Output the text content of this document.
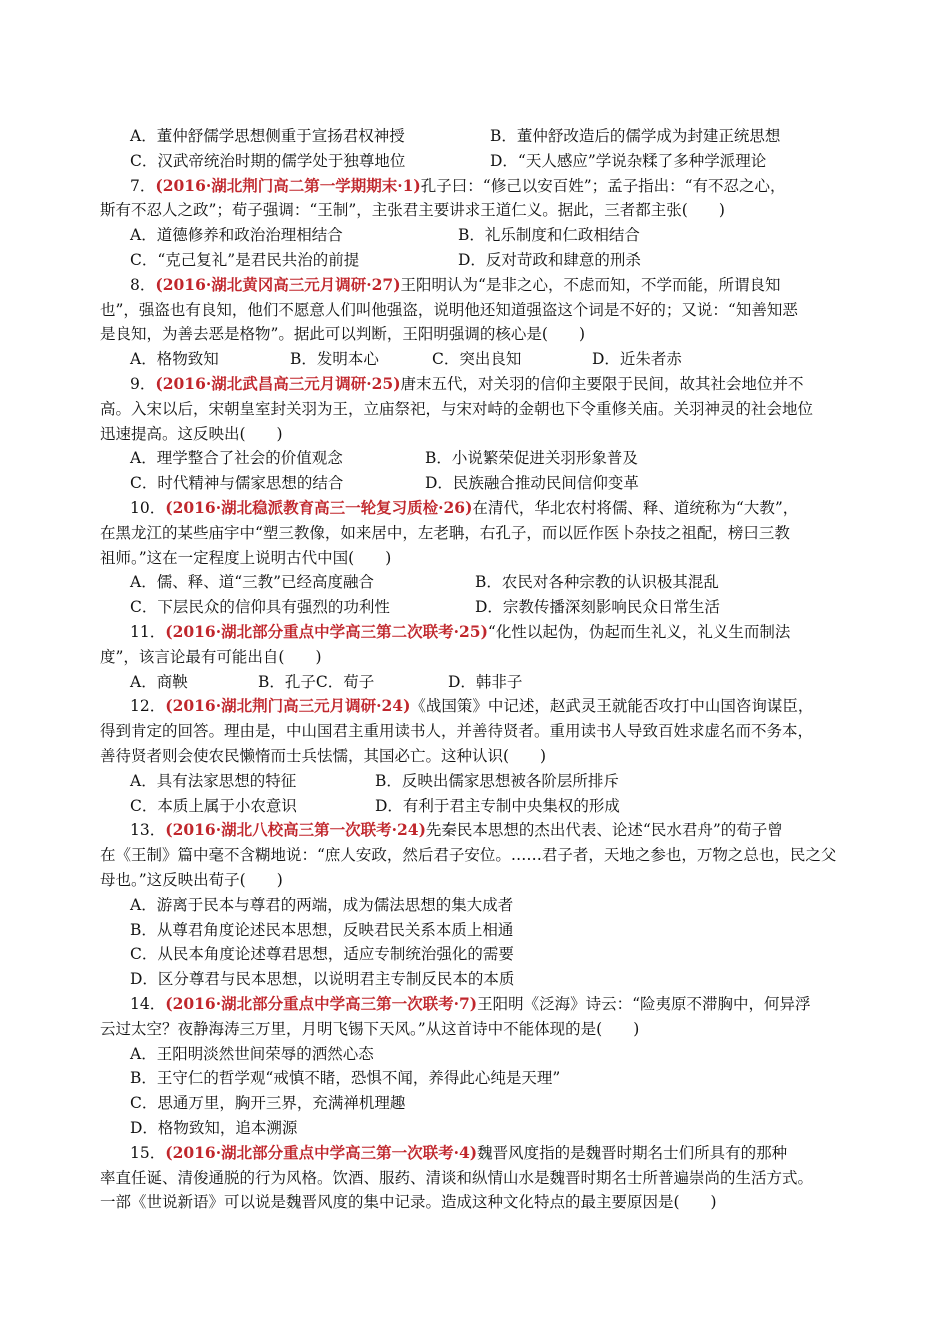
A．董仲舒儒学思想侧重于宣扬君权神授	B．董仲舒改造后的儒学成为封建正统思想
C．汉武帝统治时期的儒学处于独尊地位	D．“天人感应”学说杂糅了多种学派理论
7．(2016·湖北荆门高二第一学期期末·1)孔子曰：“修己以安百姓”；孟子指出：“有不忍之心，
斯有不忍人之政”；荀子强调：“王制”，主张君主要讲求王道仁义。据此，三者都主张(　　)
A．道德修养和政治治理相结合	B．礼乐制度和仁政相结合
C．“克己复礼”是君民共治的前提	D．反对苛政和肆意的刑杀
8．(2016·湖北黄冈高三元月调研·27)王阳明认为“是非之心，不虑而知，不学而能，所谓良知
也”，强盗也有良知，他们不愿意人们叫他强盗，说明他还知道强盗这个词是不好的；又说：“知善知恶
是良知，为善去恶是格物”。据此可以判断，王阳明强调的核心是(　　)
A．格物致知	B．发明本心	C．突出良知	D．近朱者赤
9．(2016·湖北武昌高三元月调研·25)唐末五代，对关羽的信仰主要限于民间，故其社会地位并不
高。入宋以后，宋朝皇室封关羽为王，立庙祭祀，与宋对峙的金朝也下令重修关庙。关羽神灵的社会地位
迅速提高。这反映出(　　)
A．理学整合了社会的价值观念	B．小说繁荣促进关羽形象普及
C．时代精神与儒家思想的结合	D．民族融合推动民间信仰变革
10．(2016·湖北稳派教育高三一轮复习质检·26)在清代，华北农村将儒、释、道统称为“大教”，
在黑龙江的某些庙宇中“塑三教像，如来居中，左老聃，右孔子，而以匠作医卜杂技之祖配，榜曰三教
祖师。”这在一定程度上说明古代中国(　　)
A．儒、释、道“三教”已经高度融合	B．农民对各种宗教的认识极其混乱
C．下层民众的信仰具有强烈的功利性	D．宗教传播深刻影响民众日常生活
11．(2016·湖北部分重点中学高三第二次联考·25)“化性以起伪，伪起而生礼义，礼义生而制法
度”，该言论最有可能出自(　　)
A．商鞅	B．孔子C．荀子	D．韩非子
12．(2016·湖北荆门高三元月调研·24)《战国策》中记述，赵武灵王就能否攻打中山国咨询谋臣，
得到肯定的回答。理由是，中山国君主重用读书人，并善待贤者。重用读书人导致百姓求虚名而不务本，
善待贤者则会使农民懒惰而士兵怯懦，其国必亡。这种认识(　　)
A．具有法家思想的特征	B．反映出儒家思想被各阶层所排斥
C．本质上属于小农意识	D．有利于君主专制中央集权的形成
13．(2016·湖北八校高三第一次联考·24)先秦民本思想的杰出代表、论述“民水君舟”的荀子曾
在《王制》篇中毫不含糊地说：“庶人安政，然后君子安位。……君子者，天地之参也，万物之总也，民之父
母也。”这反映出荀子(　　)
A．游离于民本与尊君的两端，成为儒法思想的集大成者
B．从尊君角度论述民本思想，反映君民关系本质上相通
C．从民本角度论述尊君思想，适应专制统治强化的需要
D．区分尊君与民本思想，以说明君主专制反民本的本质
14．(2016·湖北部分重点中学高三第一次联考·7)王阳明《泛海》诗云：“险夷原不滞胸中，何异浮
云过太空？夜静海涛三万里，月明飞锡下天风。”从这首诗中不能体现的是(　　)
A．王阳明淡然世间荣辱的洒然心态
B．王守仁的哲学观“戒慎不睹，恐惧不闻，养得此心纯是天理”
C．思通万里，胸开三界，充满禅机理趣
D．格物致知，追本溯源
15．(2016·湖北部分重点中学高三第一次联考·4)魏晋风度指的是魏晋时期名士们所具有的那种
率直任诞、清俊通脱的行为风格。饮酒、服药、清谈和纵情山水是魏晋时期名士所普遍崇尚的生活方式。
一部《世说新语》可以说是魏晋风度的集中记录。造成这种文化特点的最主要原因是(　　)
